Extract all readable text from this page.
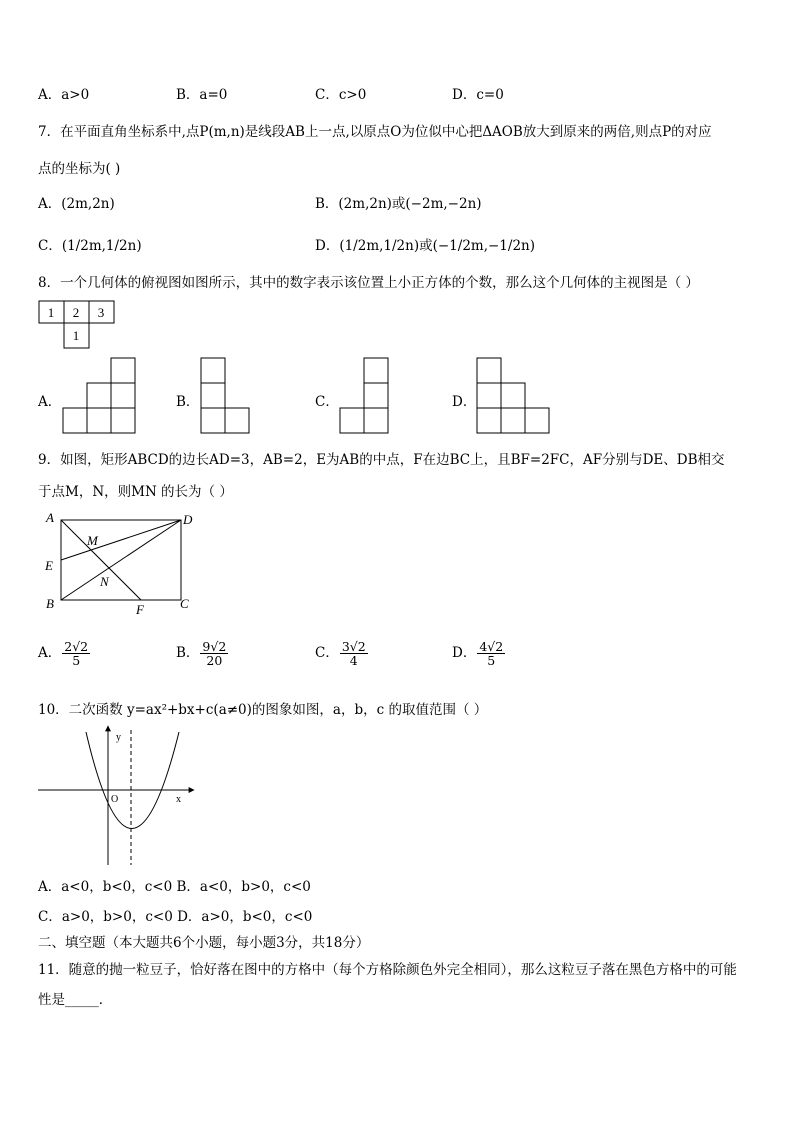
A．a>0	B．a=0	C．c>0	D．c=0
7．在平面直角坐标系中,点P(m,n)是线段AB上一点,以原点O为位似中心把ΔAOB放大到原来的两倍,则点P的对应
点的坐标为( )
A．(2m,2n)	B．(2m,2n)或(−2m,−2n)
C．(1/2m,1/2n)	D．(1/2m,1/2n)或(−1/2m,−1/2n)
8．一个几何体的俯视图如图所示，其中的数字表示该位置上小正方体的个数，那么这个几何体的主视图是（ ）
1 2 3
1
A．	B．	C．	D．
9．如图，矩形ABCD的边长AD=3，AB=2，E为AB的中点，F在边BC上，且BF=2FC，AF分别与DE、DB相交
于点M，N，则MN 的长为（ ）
A	D
E
B	C
F
M
N
A． $\frac{2√2}{5}$	B． $\frac{9√2}{20}$	C． $\frac{3√2}{4}$	D． $\frac{4√2}{5}$
10．二次函数 y=ax²+bx+c(a≠0)的图象如图，a，b，c 的取值范围（ ）
y
x
O
A．a<0，b<0，c<0 B．a<0，b>0，c<0
C．a>0，b>0，c<0 D．a>0，b<0，c<0
二、填空题（本大题共6个小题，每小题3分，共18分）
11．随意的抛一粒豆子，恰好落在图中的方格中（每个方格除颜色外完全相同），那么这粒豆子落在黑色方格中的可能
性是_____．
